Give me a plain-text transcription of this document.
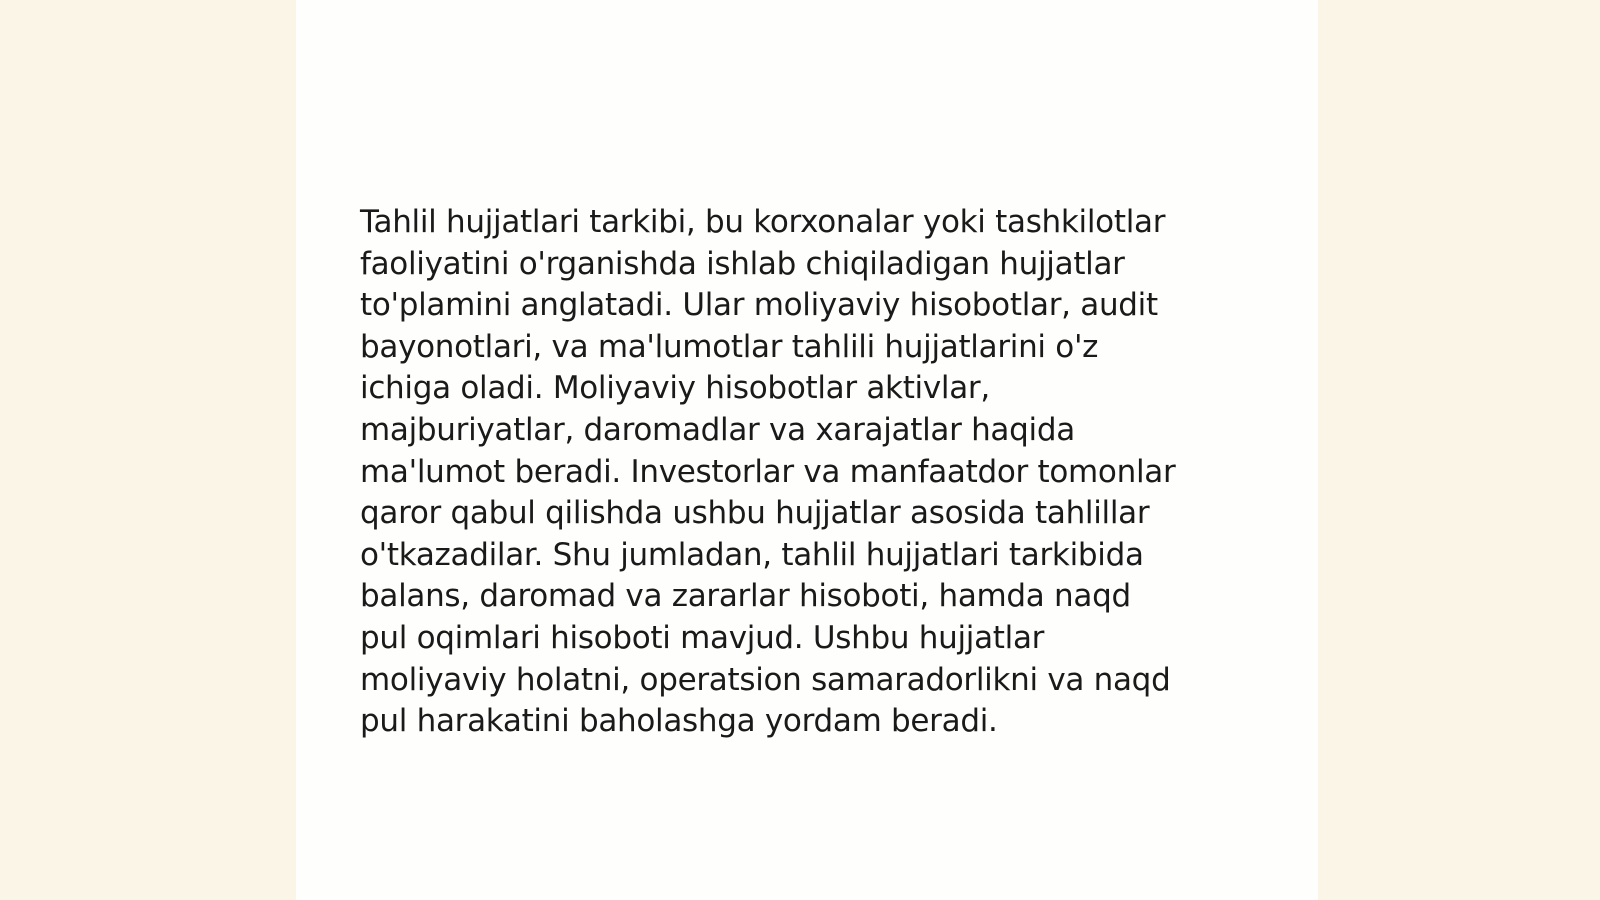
Tahlil hujjatlari tarkibi, bu korxonalar yoki tashkilotlar
faoliyatini o'rganishda ishlab chiqiladigan hujjatlar
to'plamini anglatadi. Ular moliyaviy hisobotlar, audit
bayonotlari, va ma'lumotlar tahlili hujjatlarini o'z
ichiga oladi. Moliyaviy hisobotlar aktivlar,
majburiyatlar, daromadlar va xarajatlar haqida
ma'lumot beradi. Investorlar va manfaatdor tomonlar
qaror qabul qilishda ushbu hujjatlar asosida tahlillar
o'tkazadilar. Shu jumladan, tahlil hujjatlari tarkibida
balans, daromad va zararlar hisoboti, hamda naqd
pul oqimlari hisoboti mavjud. Ushbu hujjatlar
moliyaviy holatni, operatsion samaradorlikni va naqd
pul harakatini baholashga yordam beradi.
